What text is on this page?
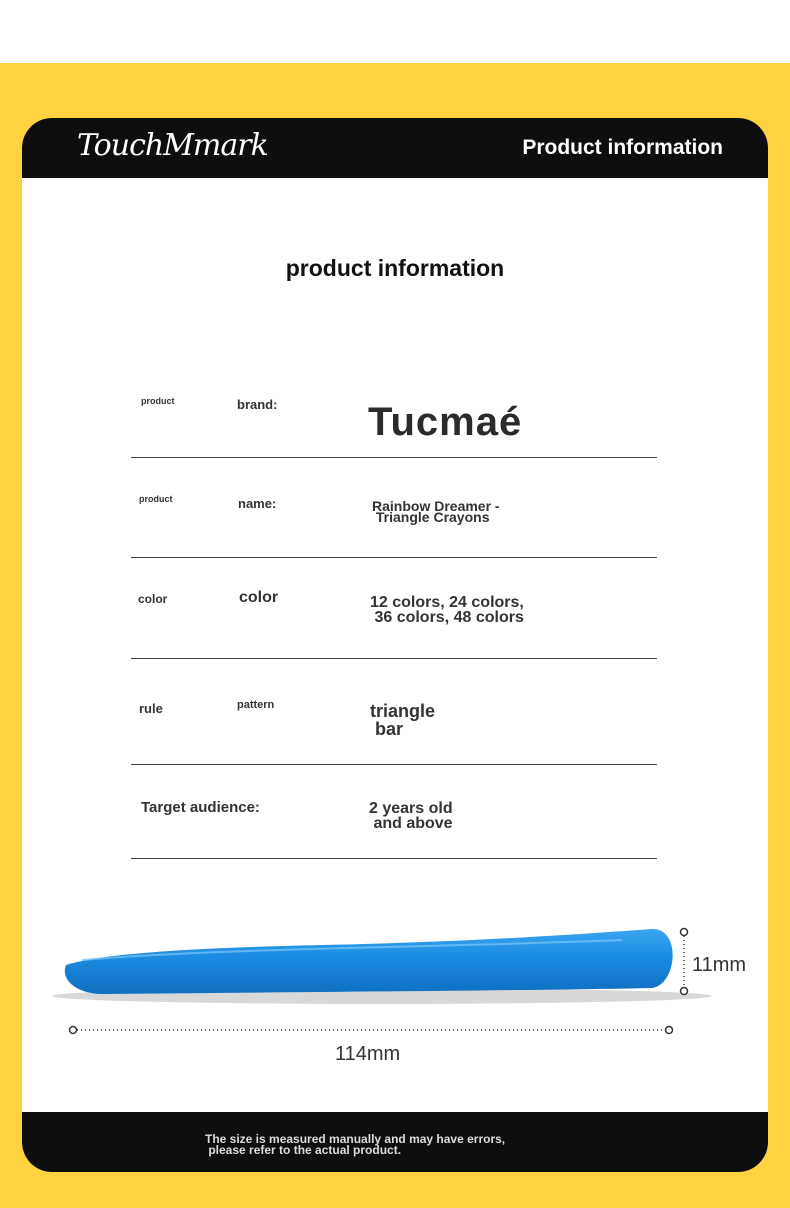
TouchMmark	Product information
product information
product	brand: Tucmaé
product	name:	Rainbow Dreamer -
Triangle Crayons
color	color	12 colors, 24 colors,
36 colors, 48 colors
rule	pattern	triangle
bar
Target audience:	2 years old
and above
11mm
114mm
The size is measured manually and may have errors,
please refer to the actual product.
